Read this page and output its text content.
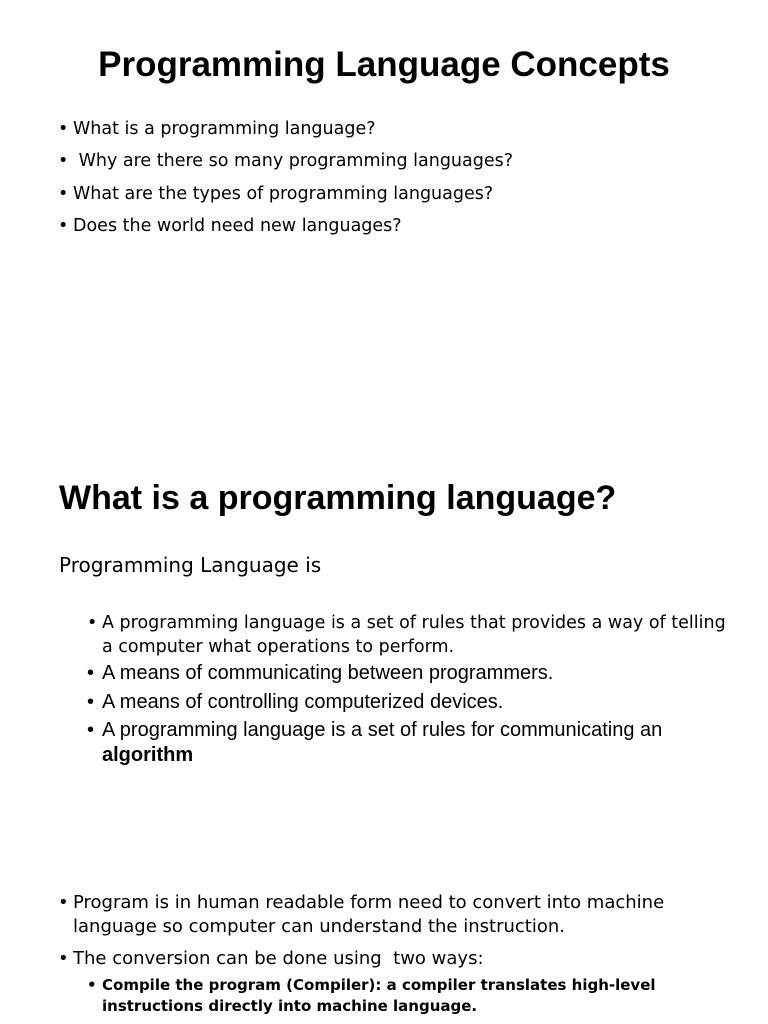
Programming Language Concepts
• What is a programming language?
• Why are there so many programming languages?
• What are the types of programming languages?
• Does the world need new languages?
What is a programming language?
Programming Language is
• A programming language is a set of rules that provides a way of telling a computer what operations to perform.
• A means of communicating between programmers.
• A means of controlling computerized devices.
• A programming language is a set of rules for communicating an algorithm
• Program is in human readable form need to convert into machine language so computer can understand the instruction.
• The conversion can be done using  two ways:
• Compile the program (Compiler): a compiler translates high-level instructions directly into machine language.
